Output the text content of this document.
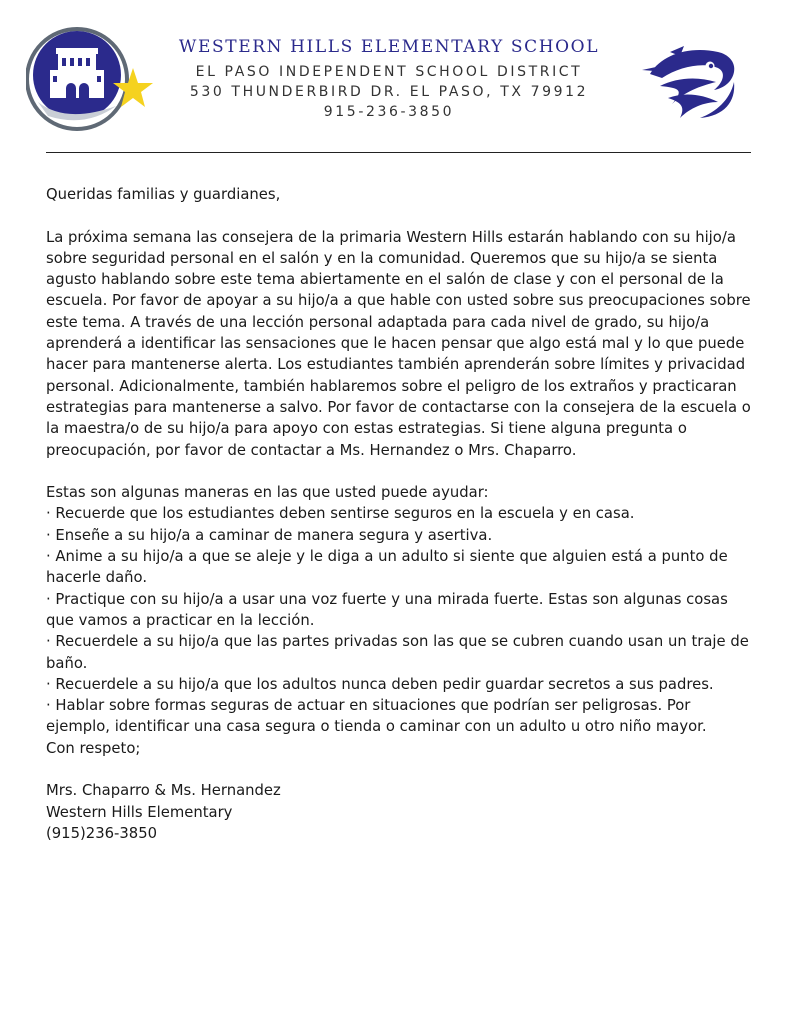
WESTERN HILLS ELEMENTARY SCHOOL
EL PASO INDEPENDENT SCHOOL DISTRICT
530 THUNDERBIRD DR. EL PASO, TX 79912
915-236-3850

Queridas familias y guardianes,

La próxima semana las consejera de la primaria Western Hills estarán hablando con su hijo/a sobre seguridad personal en el salón y en la comunidad. Queremos que su hijo/a se sienta agusto hablando sobre este tema abiertamente en el salón de clase y con el personal de la escuela. Por favor de apoyar a su hijo/a a que hable con usted sobre sus preocupaciones sobre este tema. A través de una lección personal adaptada para cada nivel de grado, su hijo/a aprenderá a identificar las sensaciones que le hacen pensar que algo está mal y lo que puede hacer para mantenerse alerta. Los estudiantes también aprenderán sobre límites y privacidad personal. Adicionalmente, también hablaremos sobre el peligro de los extraños y practicaran estrategias para mantenerse a salvo. Por favor de contactarse con la consejera de la escuela o la maestra/o de su hijo/a para apoyo con estas estrategias. Si tiene alguna pregunta o preocupación, por favor de contactar a Ms. Hernandez o Mrs. Chaparro.

Estas son algunas maneras en las que usted puede ayudar:

· Recuerde que los estudiantes deben sentirse seguros en la escuela y en casa.

· Enseñe a su hijo/a a caminar de manera segura y asertiva.

· Anime a su hijo/a a que se aleje y le diga a un adulto si siente que alguien está a punto de hacerle daño.

· Practique con su hijo/a a usar una voz fuerte y una mirada fuerte. Estas son algunas cosas que vamos a practicar en la lección.

· Recuerdele a su hijo/a que las partes privadas son las que se cubren cuando usan un traje de baño.

· Recuerdele a su hijo/a que los adultos nunca deben pedir guardar secretos a sus padres.

· Hablar sobre formas seguras de actuar en situaciones que podrían ser peligrosas. Por ejemplo, identificar una casa segura o tienda o caminar con un adulto u otro niño mayor.

Con respeto;

Mrs. Chaparro & Ms. Hernandez

Western Hills Elementary

(915)236-3850
